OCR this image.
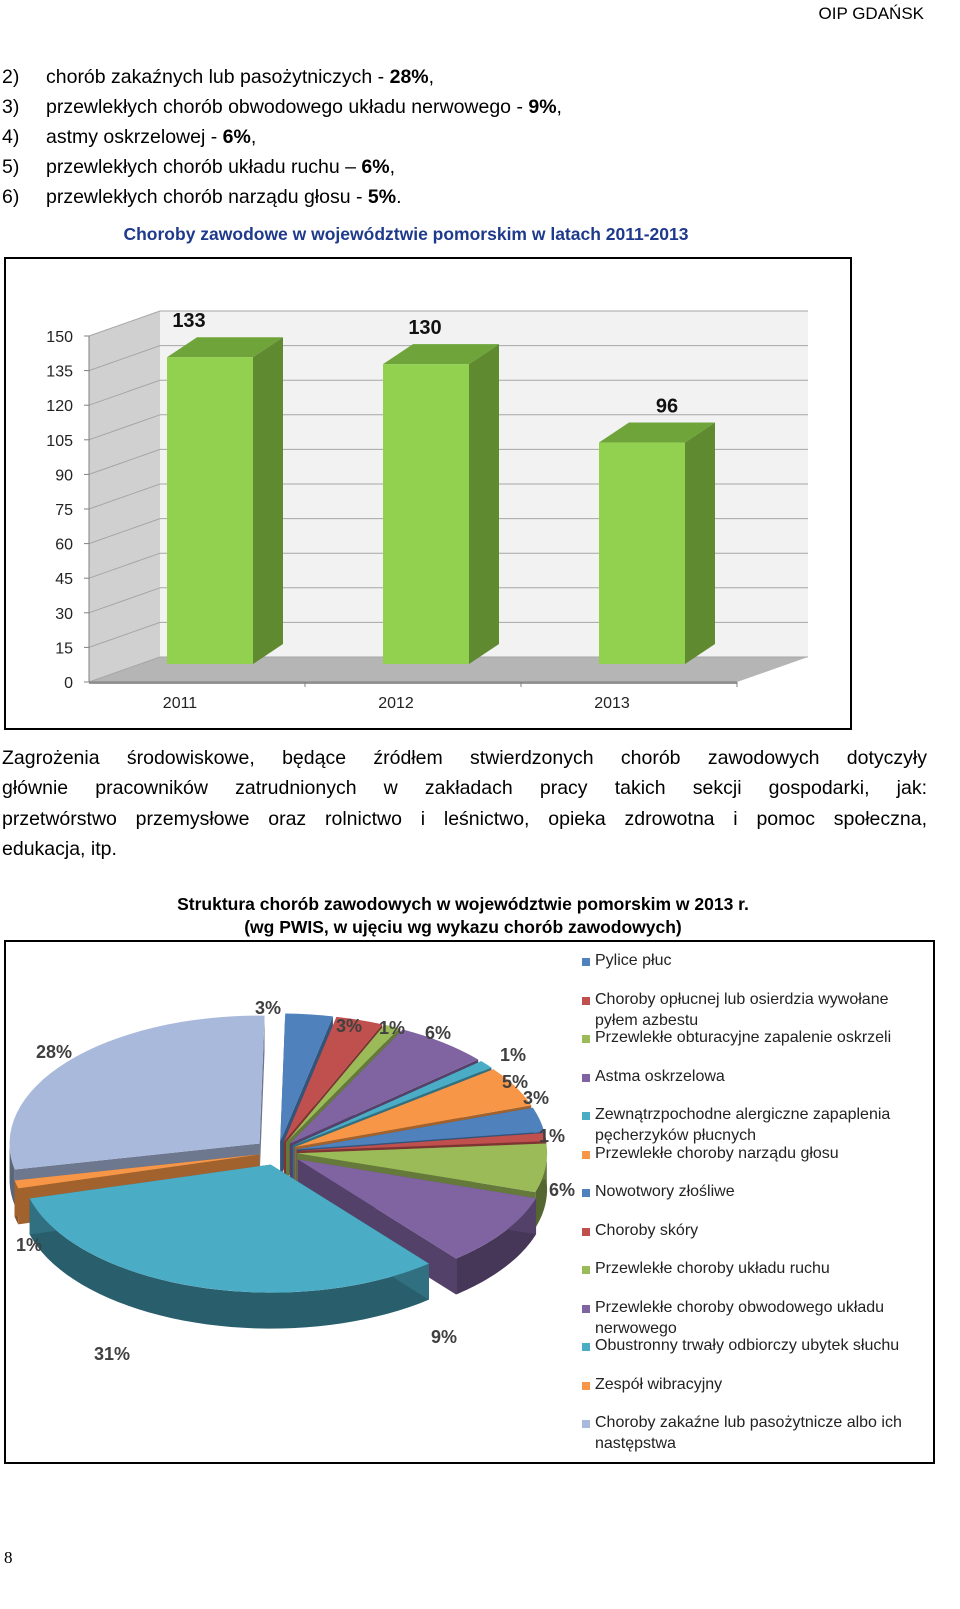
OIP GDAŃSK
2) chorób zakaźnych lub pasożytniczych - 28%,
3) przewlekłych chorób obwodowego układu nerwowego - 9%,
4) astmy oskrzelowej - 6%,
5) przewlekłych chorób układu ruchu – 6%,
6) przewlekłych chorób narządu głosu - 5%.
Choroby zawodowe w województwie pomorskim w latach 2011-2013
0
15
30
45
60
75
90
105
120
135
150
133
2011
130
2012
96
2013
Zagrożenia środowiskowe, będące źródłem stwierdzonych chorób zawodowych dotyczyły
głównie pracowników zatrudnionych w zakładach pracy takich sekcji gospodarki, jak:
przetwórstwo przemysłowe oraz rolnictwo i leśnictwo, opieka zdrowotna i pomoc społeczna,
edukacja, itp.
Struktura chorób zawodowych w województwie pomorskim w 2013 r.
(wg PWIS, w ujęciu wg wykazu chorób zawodowych)
3%
3% 1% 6%
1%
5%
3%
1%
6%
9%
31%
1%
28%
Pylice płuc
Choroby opłucnej lub osierdzia wywołane pyłem azbestu
Przewlekłe obturacyjne zapalenie oskrzeli
Astma oskrzelowa
Zewnątrzpochodne alergiczne zapaplenia pęcherzyków płucnych
Przewlekłe choroby narządu głosu
Nowotwory złośliwe
Choroby skóry
Przewlekłe choroby układu ruchu
Przewlekłe choroby obwodowego układu nerwowego
Obustronny trwały odbiorczy ubytek słuchu
Zespół wibracyjny
Choroby zakaźne lub pasożytnicze albo ich następstwa
8
